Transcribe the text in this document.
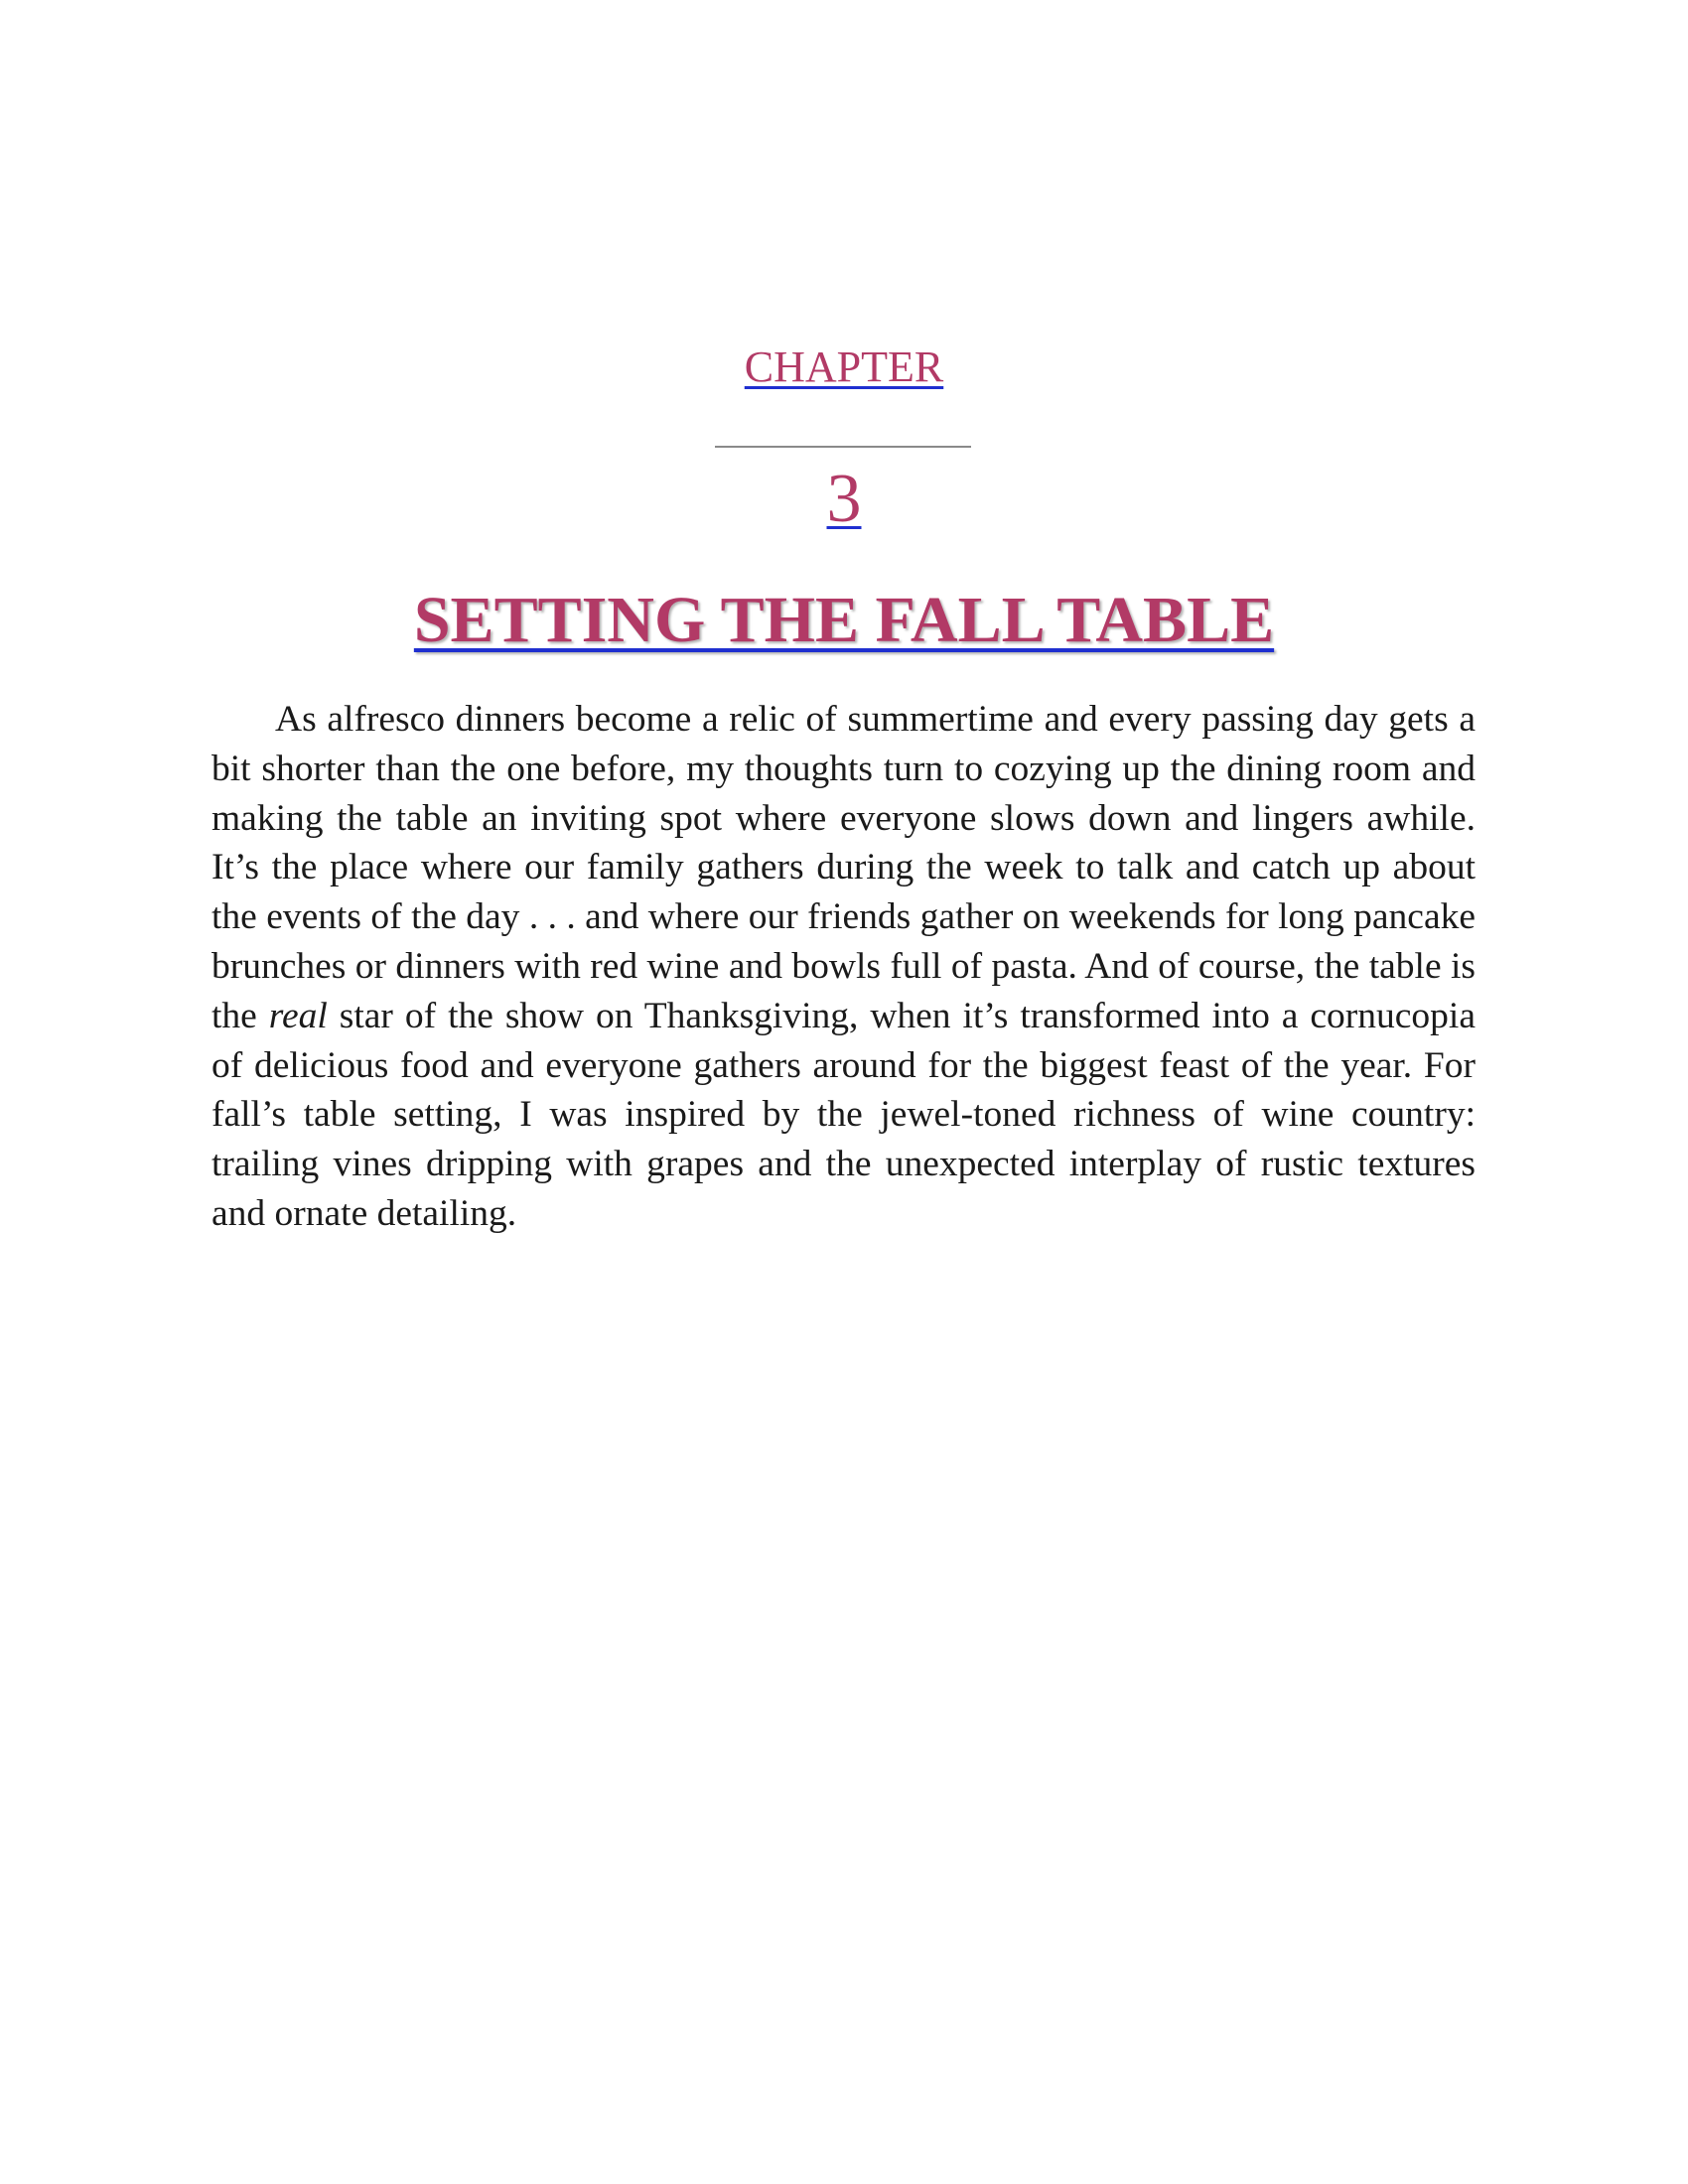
CHAPTER
3
SETTING THE FALL TABLE

As alfresco dinners become a relic of summertime and every passing day gets a bit shorter than the one before, my thoughts turn to cozying up the dining room and making the table an inviting spot where everyone slows down and lingers awhile. It’s the place where our family gathers during the week to talk and catch up about the events of the day . . . and where our friends gather on weekends for long pancake brunches or dinners with red wine and bowls full of pasta. And of course, the table is the real star of the show on Thanksgiving, when it’s transformed into a cornucopia of delicious food and everyone gathers around for the biggest feast of the year. For fall’s table setting, I was inspired by the jewel-toned richness of wine country: trailing vines dripping with grapes and the unexpected interplay of rustic textures and ornate detailing.
